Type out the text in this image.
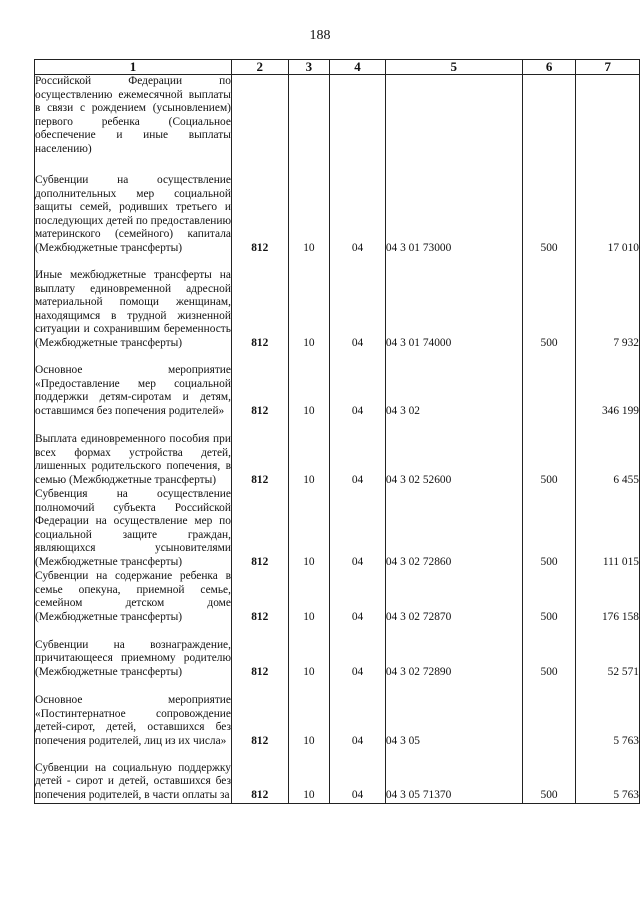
188
1	2	3	4	5	6	7
Российской Федерации по осуществлению ежемесячной выплаты в связи с рождением (усыновлением) первого ребенка (Социальное обеспечение и иные выплаты населению)						
Субвенции на осуществление дополнительных мер социальной защиты семей, родивших третьего и последующих детей по предоставлению материнского (семейного) капитала (Межбюджетные трансферты)	812	10	04	04 3 01 73000	500	17 010
Иные межбюджетные трансферты на выплату единовременной адресной материальной помощи женщинам, находящимся в трудной жизненной ситуации и сохранившим беременность (Межбюджетные трансферты)	812	10	04	04 3 01 74000	500	7 932
Основное мероприятие «Предоставление мер социальной поддержки детям-сиротам и детям, оставшимся без попечения родителей»	812	10	04	04 3 02		346 199
Выплата единовременного пособия при всех формах устройства детей, лишенных родительского попечения, в семью (Межбюджетные трансферты)	812	10	04	04 3 02 52600	500	6 455
Субвенция на осуществление полномочий субъекта Российской Федерации на осуществление мер по социальной защите граждан, являющихся усыновителями (Межбюджетные трансферты)	812	10	04	04 3 02 72860	500	111 015
Субвенции на содержание ребенка в семье опекуна, приемной семье, семейном детском доме (Межбюджетные трансферты)	812	10	04	04 3 02 72870	500	176 158
Субвенции на вознаграждение, причитающееся приемному родителю (Межбюджетные трансферты)	812	10	04	04 3 02 72890	500	52 571
Основное мероприятие «Постинтернатное сопровождение детей-сирот, детей, оставшихся без попечения родителей, лиц из их числа»	812	10	04	04 3 05		5 763
Субвенции на социальную поддержку детей - сирот и детей, оставшихся без попечения родителей, в части оплаты за	812	10	04	04 3 05 71370	500	5 763
